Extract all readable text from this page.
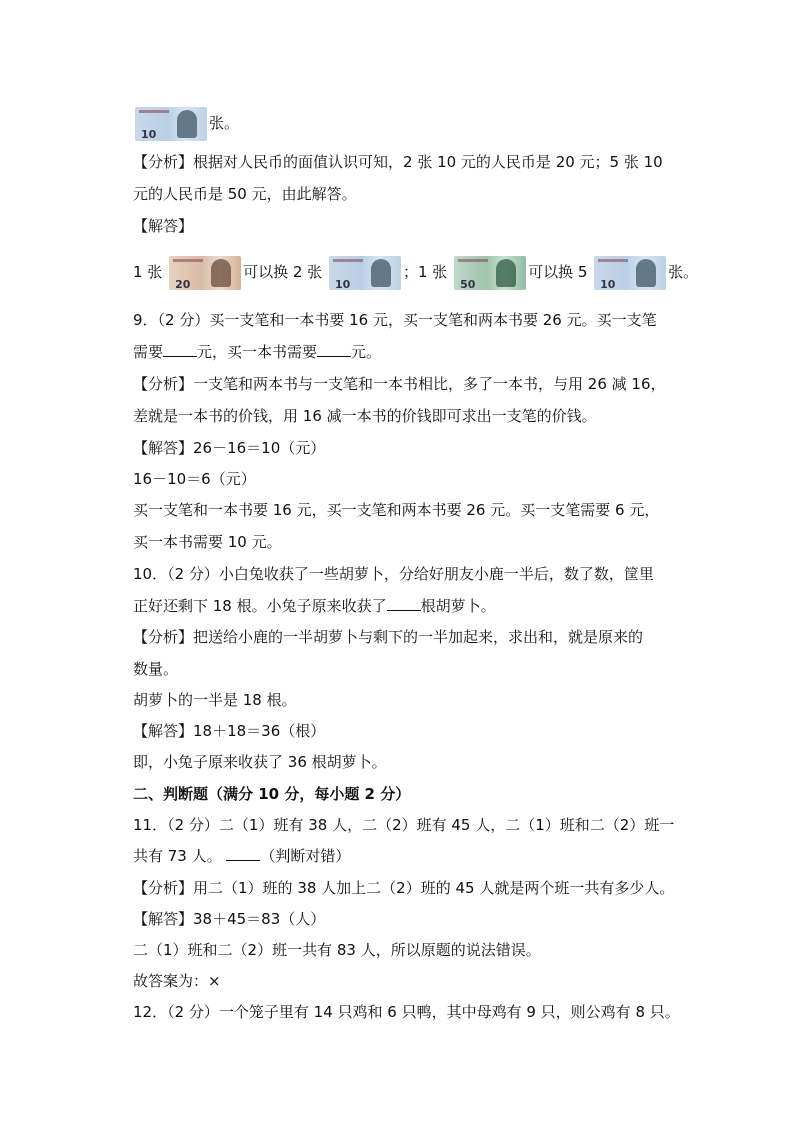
10
张。
【分析】根据对人民币的面值认识可知，2 张 10 元的人民币是 20 元；5 张 10
元的人民币是 50 元，由此解答。
【解答】
1 张
20
可以换 2 张
10
；1 张
50
可以换 5
10
张。
9．（2 分）买一支笔和一本书要 16 元，买一支笔和两本书要 26 元。买一支笔
需要 元，买一本书需要 元。
【分析】一支笔和两本书与一支笔和一本书相比，多了一本书，与用 26 减 16，
差就是一本书的价钱，用 16 减一本书的价钱即可求出一支笔的价钱。
【解答】26－16＝10（元）
16－10＝6（元）
买一支笔和一本书要 16 元，买一支笔和两本书要 26 元。买一支笔需要 6 元，
买一本书需要 10 元。
10．（2 分）小白兔收获了一些胡萝卜，分给好朋友小鹿一半后，数了数，筐里
正好还剩下 18 根。小兔子原来收获了 根胡萝卜。
【分析】把送给小鹿的一半胡萝卜与剩下的一半加起来，求出和，就是原来的
数量。
胡萝卜的一半是 18 根。
【解答】18＋18＝36（根）
即，小兔子原来收获了 36 根胡萝卜。
二、判断题（满分 10 分，每小题 2 分）
11．（2 分）二（1）班有 38 人，二（2）班有 45 人，二（1）班和二（2）班一
共有 73 人。	（判断对错）
【分析】用二（1）班的 38 人加上二（2）班的 45 人就是两个班一共有多少人。
【解答】38＋45＝83（人）
二（1）班和二（2）班一共有 83 人，所以原题的说法错误。
故答案为：×
12．（2 分）一个笼子里有 14 只鸡和 6 只鸭，其中母鸡有 9 只，则公鸡有 8 只。
